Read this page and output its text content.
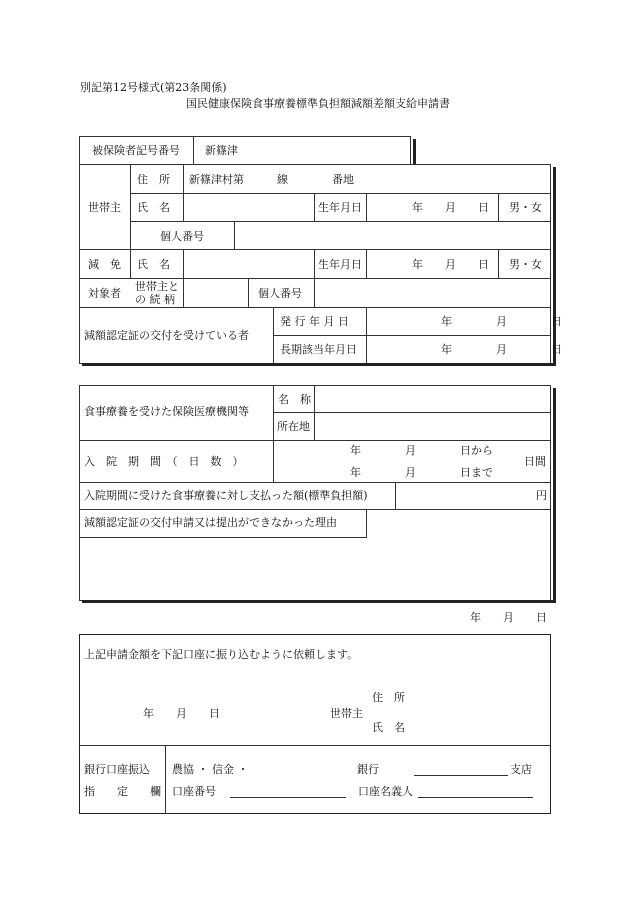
別記第12号様式(第23条関係)
国民健康保険食事療養標準負担額減額差額支給申請書
被保険者記号番号 新篠津
世帯主
住　所 新篠津村第　　　線　　　　番地
氏　名	生年月日	年　　月　　日 男・女
個人番号
減　免
対象者
氏　名	生年月日	年　　月　　日 男・女
世帯主と
の 続 柄	個人番号
減額認定証の交付を受けている者
発 行 年 月 日	年　　　　月　　　　日
長期該当年月日	年　　　　月　　　　日
食事療養を受けた保険医療機関等
名　称
所在地
入　院　期　間　（　日　数　）
年　　　　月　　　　日から
年　　　　月　　　　日まで
日間
入院期間に受けた食事療養に対し支払った額(標準負担額)	円
減額認定証の交付申請又は提出ができなかった理由
年　　月　　日
上記申請金額を下記口座に振り込むように依頼します。
年　　月　　日	世帯主
住　所
氏　名
銀行口座振込
指　　定　　欄
農協 ・ 信金 ・	銀行	支店
口座番号	口座名義人
